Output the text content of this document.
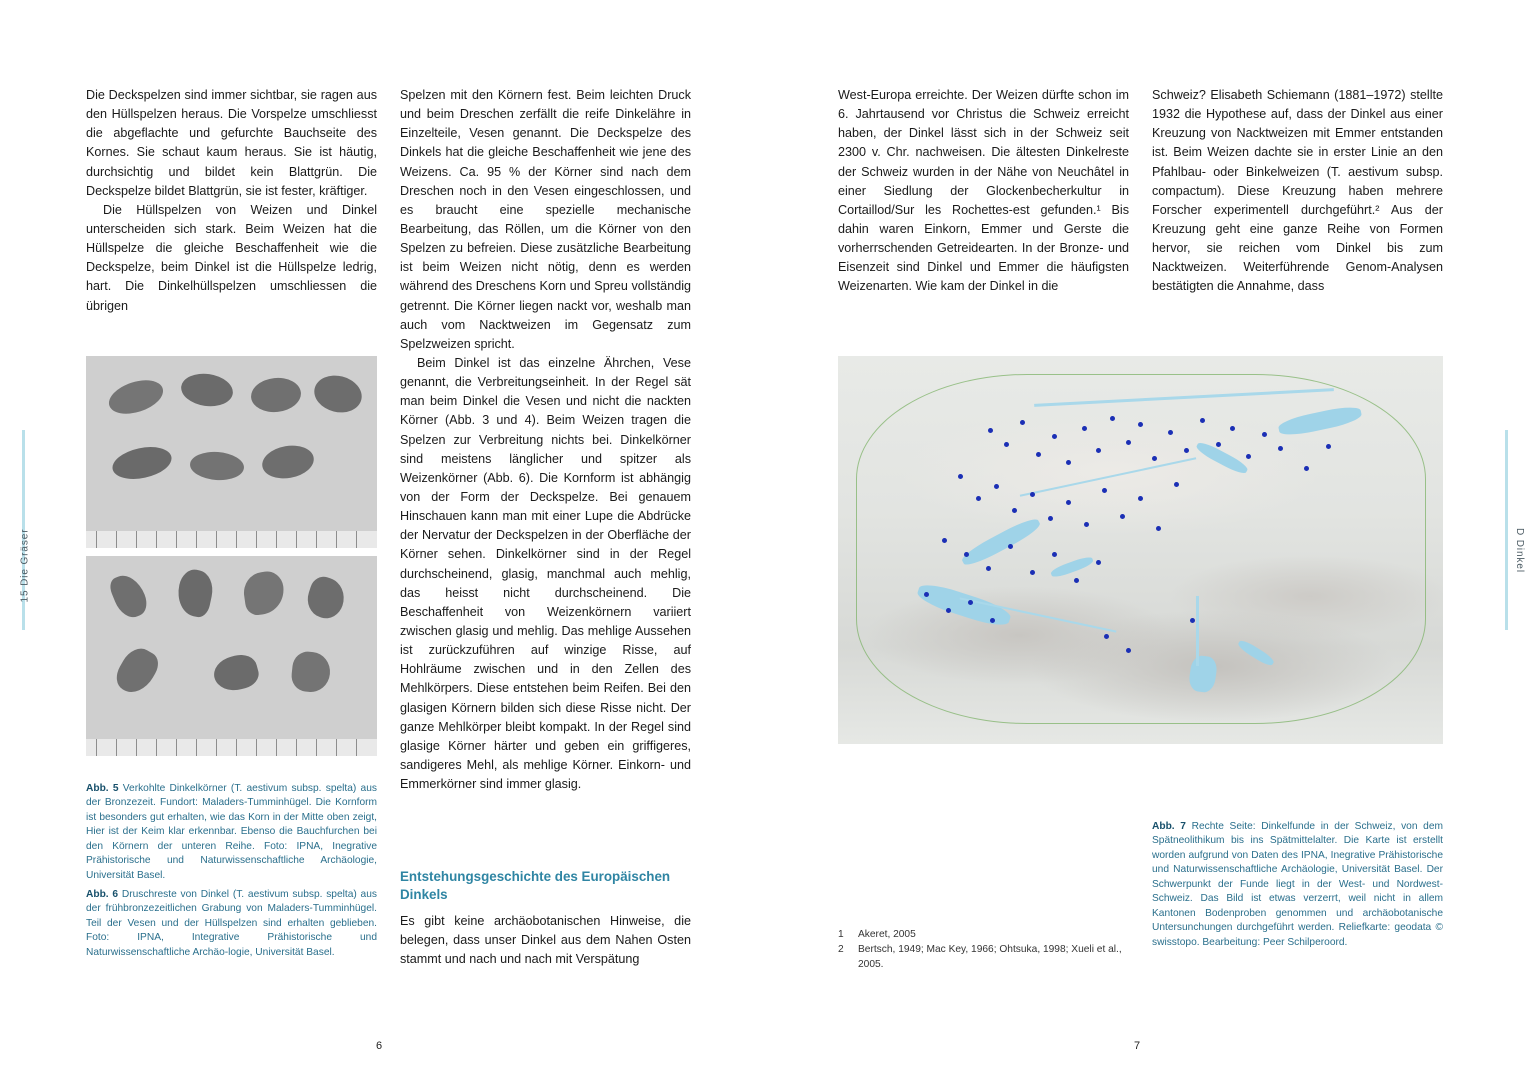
15 Die Gräser	D Dinkel

Die Deckspelzen sind immer sichtbar, sie ragen aus den Hüllspelzen heraus. Die Vorspelze umschliesst die abgeflachte und gefurchte Bauchseite des Kornes. Sie schaut kaum heraus. Sie ist häutig, durchsichtig und bildet kein Blattgrün. Die Deckspelze bildet Blattgrün, sie ist fester, kräftiger.

Die Hüllspelzen von Weizen und Dinkel unterscheiden sich stark. Beim Weizen hat die Hüllspelze die gleiche Beschaffenheit wie die Deckspelze, beim Dinkel ist die Hüllspelze ledrig, hart. Die Dinkelhüllspelzen umschliessen die übrigen

Abb. 5 Verkohlte Dinkelkörner (T. aestivum subsp. spelta) aus der Bronzezeit. Fundort: Maladers-Tumminhügel. Die Kornform ist besonders gut erhalten, wie das Korn in der Mitte oben zeigt, Hier ist der Keim klar erkennbar. Ebenso die Bauchfurchen bei den Körnern der unteren Reihe. Foto: IPNA, Inegrative Prähistorische und Naturwissenschaftliche Archäologie, Universität Basel.
Abb. 6 Druschreste von Dinkel (T. aestivum subsp. spelta) aus der frühbronzezeitlichen Grabung von Maladers-Tumminhügel. Teil der Vesen und der Hüllspelzen sind erhalten geblieben. Foto: IPNA, Integrative Prähistorische und Naturwissenschaftliche Archäo-logie, Universität Basel.

Spelzen mit den Körnern fest. Beim leichten Druck und beim Dreschen zerfällt die reife Dinkelähre in Einzelteile, Vesen genannt. Die Deckspelze des Dinkels hat die gleiche Beschaffenheit wie jene des Weizens. Ca. 95 % der Körner sind nach dem Dreschen noch in den Vesen eingeschlossen, und es braucht eine spezielle mechanische Bearbeitung, das Röllen, um die Körner von den Spelzen zu befreien. Diese zusätzliche Bearbeitung ist beim Weizen nicht nötig, denn es werden während des Dreschens Korn und Spreu vollständig getrennt. Die Körner liegen nackt vor, weshalb man auch vom Nacktweizen im Gegensatz zum Spelzweizen spricht.

Beim Dinkel ist das einzelne Ährchen, Vese genannt, die Verbreitungseinheit. In der Regel sät man beim Dinkel die Vesen und nicht die nackten Körner (Abb. 3 und 4). Beim Weizen tragen die Spelzen zur Verbreitung nichts bei. Dinkelkörner sind meistens länglicher und spitzer als Weizenkörner (Abb. 6). Die Kornform ist abhängig von der Form der Deckspelze. Bei genauem Hinschauen kann man mit einer Lupe die Abdrücke der Nervatur der Deckspelzen in der Oberfläche der Körner sehen. Dinkelkörner sind in der Regel durchscheinend, glasig, manchmal auch mehlig, das heisst nicht durchscheinend. Die Beschaffenheit von Weizenkörnern variiert zwischen glasig und mehlig. Das mehlige Aussehen ist zurückzuführen auf winzige Risse, auf Hohlräume zwischen und in den Zellen des Mehlkörpers. Diese entstehen beim Reifen. Bei den glasigen Körnern bilden sich diese Risse nicht. Der ganze Mehlkörper bleibt kompakt. In der Regel sind glasige Körner härter und geben ein griffigeres, sandigeres Mehl, als mehlige Körner. Einkorn- und Emmerkörner sind immer glasig.

Entstehungsgeschichte des Europäischen Dinkels

Es gibt keine archäobotanischen Hinweise, die belegen, dass unser Dinkel aus dem Nahen Osten stammt und nach und nach mit Verspätung

West-Europa erreichte. Der Weizen dürfte schon im 6. Jahrtausend vor Christus die Schweiz erreicht haben, der Dinkel lässt sich in der Schweiz seit 2300 v. Chr. nachweisen. Die ältesten Dinkelreste der Schweiz wurden in der Nähe von Neuchâtel in einer Siedlung der Glockenbecherkultur in Cortaillod/Sur les Rochettes-est gefunden.¹ Bis dahin waren Einkorn, Emmer und Gerste die vorherrschenden Getreidearten. In der Bronze- und Eisenzeit sind Dinkel und Emmer die häufigsten Weizenarten. Wie kam der Dinkel in die

Schweiz? Elisabeth Schiemann (1881–1972) stellte 1932 die Hypothese auf, dass der Dinkel aus einer Kreuzung von Nacktweizen mit Emmer entstanden ist. Beim Weizen dachte sie in erster Linie an den Pfahlbau- oder Binkelweizen (T. aestivum subsp. compactum). Diese Kreuzung haben mehrere Forscher experimentell durchgeführt.² Aus der Kreuzung geht eine ganze Reihe von Formen hervor, sie reichen vom Dinkel bis zum Nacktweizen. Weiterführende Genom-Analysen bestätigten die Annahme, dass

Abb. 7 Rechte Seite: Dinkelfunde in der Schweiz, von dem Spätneolithikum bis ins Spätmittelalter. Die Karte ist erstellt worden aufgrund von Daten des IPNA, Inegrative Prähistorische und Naturwissenschaftliche Archäologie, Universität Basel. Der Schwerpunkt der Funde liegt in der West- und Nordwest-Schweiz. Das Bild ist etwas verzerrt, weil nicht in allem Kantonen Bodenproben genommen und archäobotanische Untersunchungen durchgeführt werden. Reliefkarte: geodata © swisstopo. Bearbeitung: Peer Schilperoord.
1	Akeret, 2005
2	Bertsch, 1949; Mac Key, 1966; Ohtsuka, 1998; Xueli et al., 2005.
6	7
